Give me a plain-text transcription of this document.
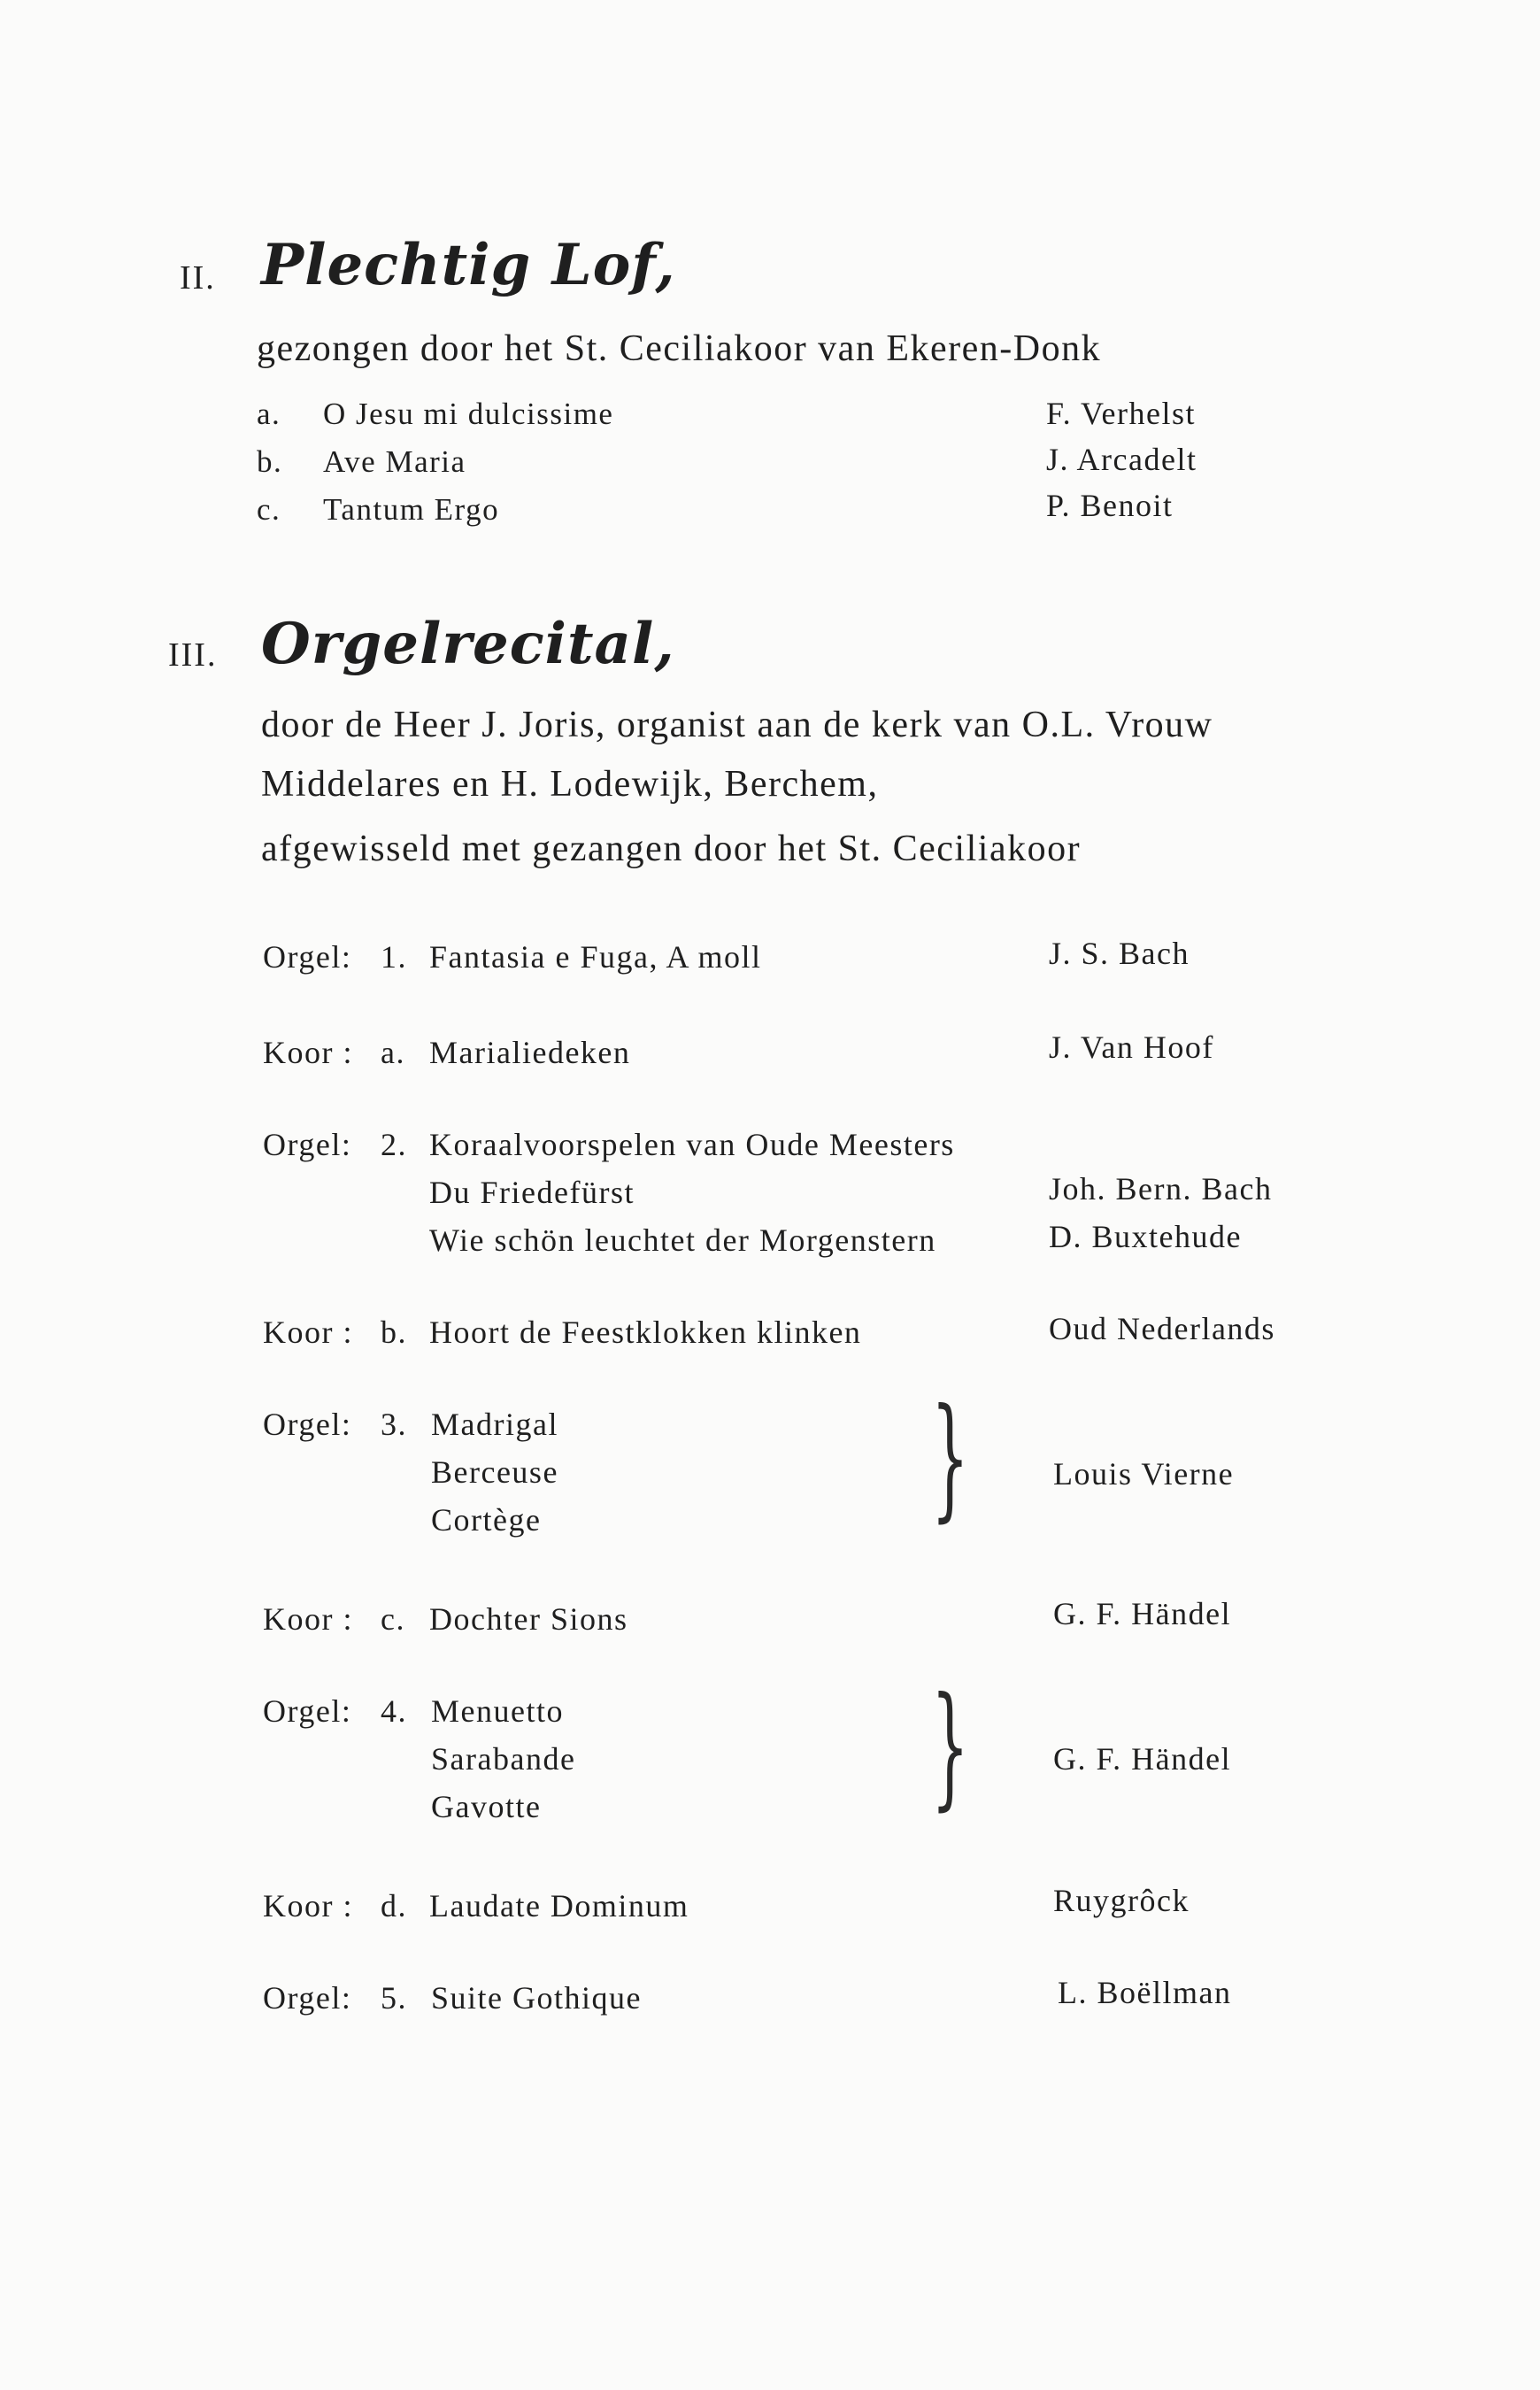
II. Plechtig Lof,
gezongen door het St. Ceciliakoor van Ekeren-Donk
a. O Jesu mi dulcissime	F. Verhelst
b. Ave Maria	J. Arcadelt
c. Tantum Ergo	P. Benoit
III. Orgelrecital,
door de Heer J. Joris, organist aan de kerk van O.L. Vrouw
Middelares en H. Lodewijk, Berchem,
afgewisseld met gezangen door het St. Ceciliakoor
Orgel: 1. Fantasia e Fuga, A moll	J. S. Bach
Koor : a. Marialiedeken	J. Van Hoof
Orgel: 2. Koraalvoorspelen van Oude Meesters
Du Friedefürst	Joh. Bern. Bach
Wie schön leuchtet der Morgenstern	D. Buxtehude
Koor : b. Hoort de Feestklokken klinken	Oud Nederlands
Orgel: 3. Madrigal
Berceuse
Cortège	}	Louis Vierne
Koor : c. Dochter Sions	G. F. Händel
Orgel: 4. Menuetto
Sarabande
Gavotte	}	G. F. Händel
Koor : d. Laudate Dominum	Ruygrôck
Orgel: 5. Suite Gothique	L. Boëllman
